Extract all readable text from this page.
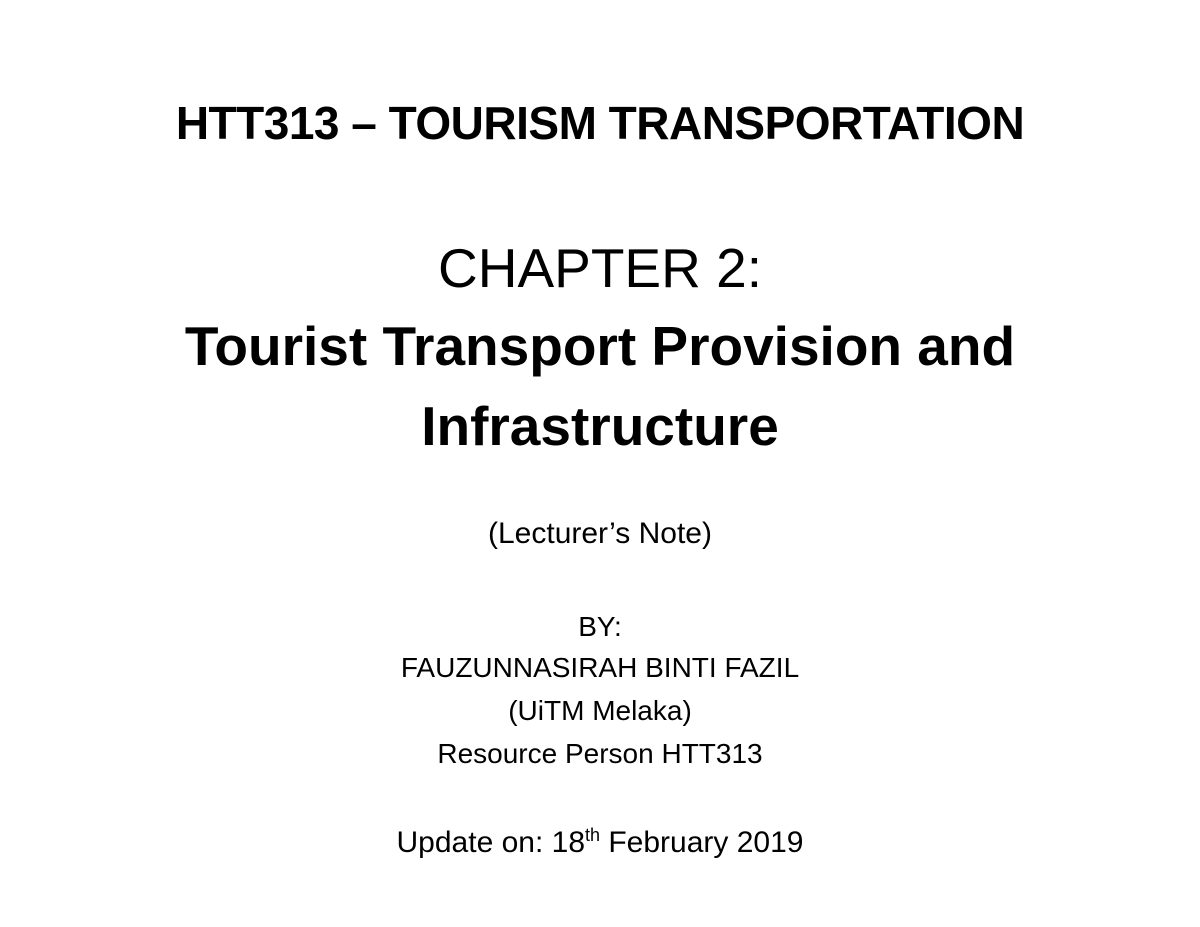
HTT313 – TOURISM TRANSPORTATION
CHAPTER 2:
Tourist Transport Provision and
Infrastructure
(Lecturer’s Note)
BY:
FAUZUNNASIRAH BINTI FAZIL
(UiTM Melaka)
Resource Person HTT313
Update on: 18th February 2019
